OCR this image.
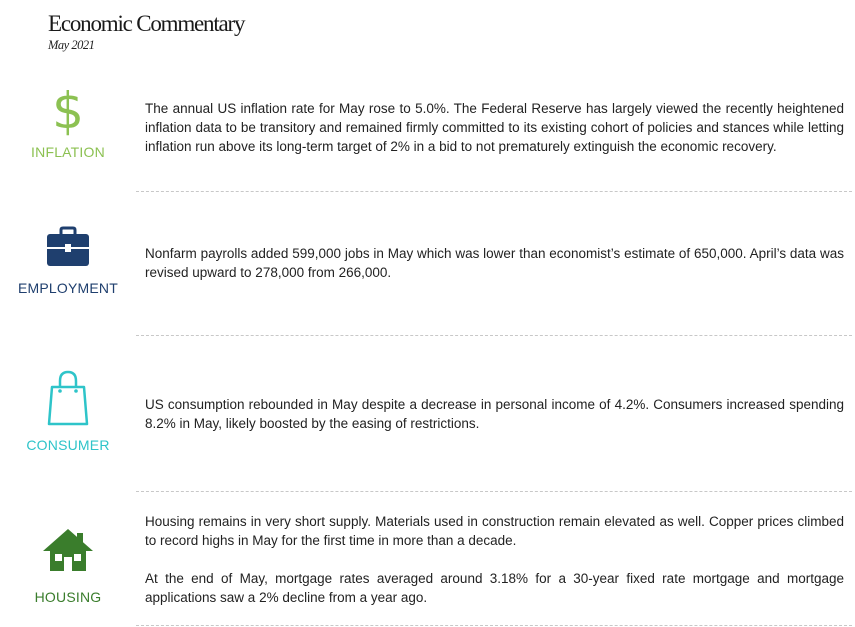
Economic Commentary
May 2021
$
INFLATION

The annual US inflation rate for May rose to 5.0%. The Federal Reserve has largely viewed the recently heightened inflation data to be transitory and remained firmly committed to its existing cohort of policies and stances while letting inflation run above its long-term target of 2% in a bid to not prematurely extinguish the economic recovery.

EMPLOYMENT

Nonfarm payrolls added 599,000 jobs in May which was lower than economist’s estimate of 650,000. April’s data was revised upward to 278,000 from 266,000.

CONSUMER

US consumption rebounded in May despite a decrease in personal income of 4.2%. Consumers increased spending 8.2% in May, likely boosted by the easing of restrictions.

HOUSING

Housing remains in very short supply. Materials used in construction remain elevated as well. Copper prices climbed to record highs in May for the first time in more than a decade.

At the end of May, mortgage rates averaged around 3.18% for a 30-year fixed rate mortgage and mortgage applications saw a 2% decline from a year ago.
